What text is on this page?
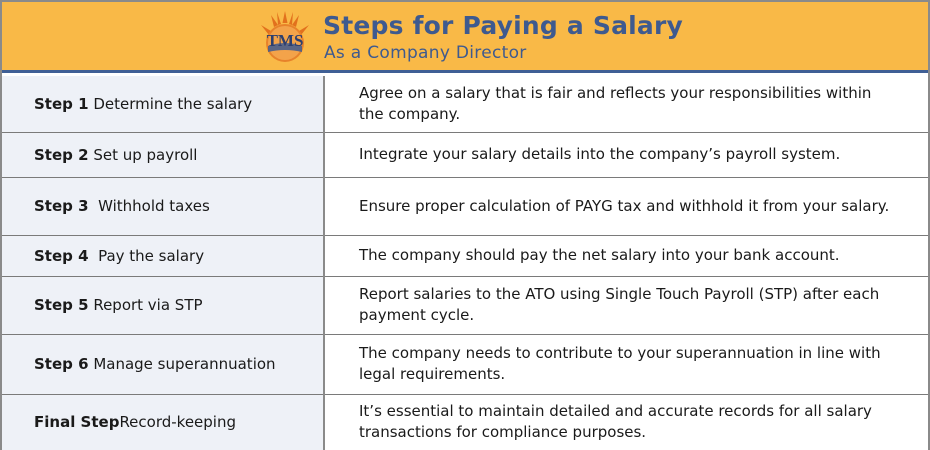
TMS
Steps for Paying a Salary
As a Company Director
Step 1 Determine the salary	Agree on a salary that is fair and reflects your responsibilities within the company.
Step 2 Set up payroll	Integrate your salary details into the company’s payroll system.
Step 3  Withhold taxes	Ensure proper calculation of PAYG tax and withhold it from your salary.
Step 4  Pay the salary	The company should pay the net salary into your bank account.
Step 5 Report via STP	Report salaries to the ATO using Single Touch Payroll (STP) after each payment cycle.
Step 6 Manage superannuation	The company needs to contribute to your superannuation in line with legal requirements.
Final StepRecord-keeping	It’s essential to maintain detailed and accurate records for all salary transactions for compliance purposes.
